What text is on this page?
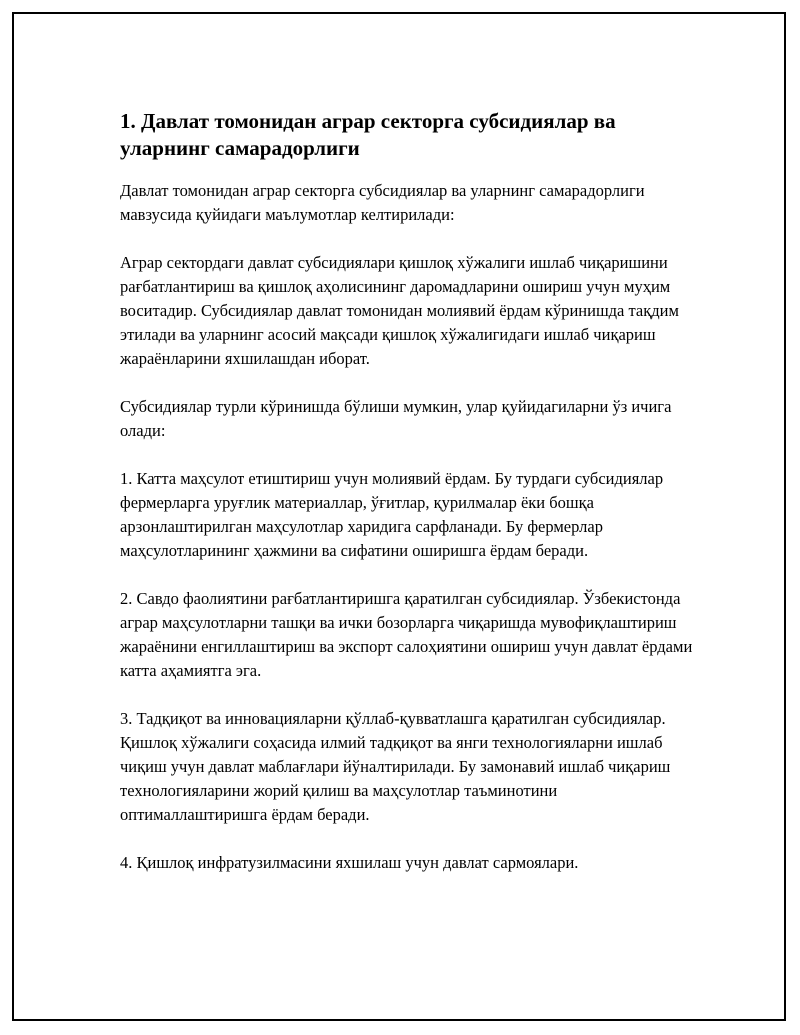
1. Давлат томонидан аграр секторга субсидиялар ва уларнинг самарадорлиги

Давлат томонидан аграр секторга субсидиялар ва уларнинг самарадорлиги мавзусида қуйидаги маълумотлар келтирилади:

Аграр сектордаги давлат субсидиялари қишлоқ хўжалиги ишлаб чиқаришини рағбатлантириш ва қишлоқ аҳолисининг даромадларини ошириш учун муҳим воситадир. Субсидиялар давлат томонидан молиявий ёрдам кўринишда тақдим этилади ва уларнинг асосий мақсади қишлоқ хўжалигидаги ишлаб чиқариш жараёнларини яхшилашдан иборат.

Субсидиялар турли кўринишда бўлиши мумкин, улар қуйидагиларни ўз ичига олади:

1. Катта маҳсулот етиштириш учун молиявий ёрдам. Бу турдаги субсидиялар фермерларга уруғлик материаллар, ўғитлар, қурилмалар ёки бошқа арзонлаштирилган маҳсулотлар харидига сарфланади. Бу фермерлар маҳсулотларининг ҳажмини ва сифатини оширишга ёрдам беради.

2. Савдо фаолиятини рағбатлантиришга қаратилган субсидиялар. Ўзбекистонда аграр маҳсулотларни ташқи ва ички бозорларга чиқаришда мувофиқлаштириш жараёнини енгиллаштириш ва экспорт салоҳиятини ошириш учун давлат ёрдами катта аҳамиятга эга.

3. Тадқиқот ва инновацияларни қўллаб-қувватлашга қаратилган субсидиялар. Қишлоқ хўжалиги соҳасида илмий тадқиқот ва янги технологияларни ишлаб чиқиш учун давлат маблағлари йўналтирилади. Бу замонавий ишлаб чиқариш технологияларини жорий қилиш ва маҳсулотлар таъминотини оптималлаштиришга ёрдам беради.

4. Қишлоқ инфратузилмасини яхшилаш учун давлат сармоялари.
